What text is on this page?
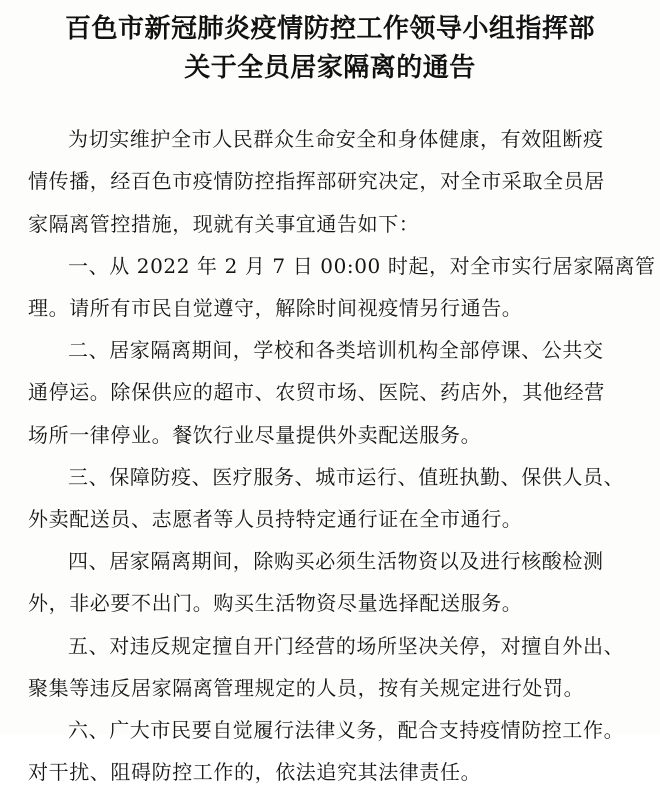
百色市新冠肺炎疫情防控工作领导小组指挥部
关于全员居家隔离的通告

为切实维护全市人民群众生命安全和身体健康，有效阻断疫
情传播，经百色市疫情防控指挥部研究决定，对全市采取全员居
家隔离管控措施，现就有关事宜通告如下：

一、从 2022 年 2 月 7 日 00:00 时起，对全市实行居家隔离管
理。请所有市民自觉遵守，解除时间视疫情另行通告。

二、居家隔离期间，学校和各类培训机构全部停课、公共交
通停运。除保供应的超市、农贸市场、医院、药店外，其他经营
场所一律停业。餐饮行业尽量提供外卖配送服务。

三、保障防疫、医疗服务、城市运行、值班执勤、保供人员、
外卖配送员、志愿者等人员持特定通行证在全市通行。

四、居家隔离期间，除购买必须生活物资以及进行核酸检测
外，非必要不出门。购买生活物资尽量选择配送服务。

五、对违反规定擅自开门经营的场所坚决关停，对擅自外出、
聚集等违反居家隔离管理规定的人员，按有关规定进行处罚。

六、广大市民要自觉履行法律义务，配合支持疫情防控工作。
对干扰、阻碍防控工作的，依法追究其法律责任。
